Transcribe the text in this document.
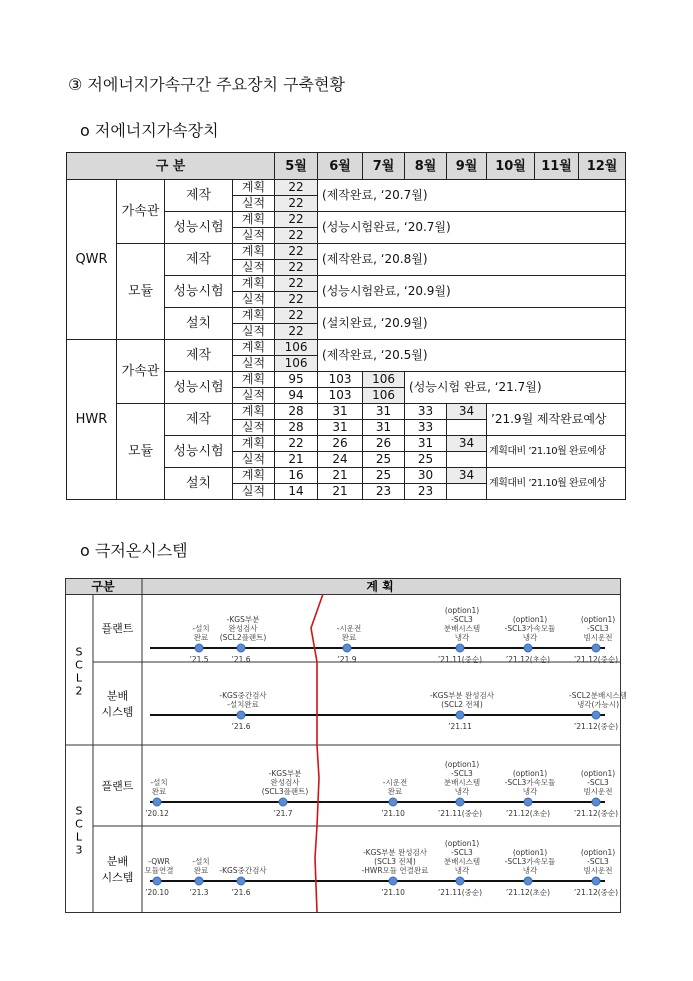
③ 저에너지가속구간 주요장치 구축현황
o 저에너지가속장치
o 극저온시스템
구 분				5월	6월	7월	8월	9월	10월	11월	12월
QWR	가속관	제작	계획	22	(제작완료, ‘20.7월)						
			실적	22							
		성능시험	계획	22	(성능시험완료, ‘20.7월)						
			실적	22							
	모듈	제작	계획	22	(제작완료, ‘20.8월)						
			실적	22							
		성능시험	계획	22	(성능시험완료, ‘20.9월)						
			실적	22							
		설치	계획	22	(설치완료, ‘20.9월)						
			실적	22							
HWR	가속관	제작	계획	106	(제작완료, ‘20.5월)						
			실적	106							
		성능시험	계획	95	103	106	(성능시험 완료, ‘21.7월)				
			실적	94	103	106					
	모듈	제작	계획	28	31	31	33	34	’21.9월 제작완료예상		
			실적	28	31	31	33				
		성능시험	계획	22	26	26	31	34	계획대비 ’21.10월 완료예상		
			실적	21	24	25	25				
		설치	계획	16	21	25	30	34	계획대비 ’21.10월 완료예상		
			실적	14	21	23	23				
구분	계 획
S
C
L
2
플랜트
’21.5
-설치
완료
’21.6
-KGS부분
완성검사
(SCL2플랜트)
’21.9
-시운전
완료
’21.11(중순)
(option1)
-SCL3
분배시스템
냉각
’21.12(초순)
(option1)
-SCL3가속모듈
냉각
’21.12(중순)
(option1)
-SCL3
빔시운전
분배
시스템
’21.6
-KGS중간검사
-설치완료
’21.11
-KGS부분 완성검사
(SCL2 전체)
’21.12(중순)
-SCL2분배시스템
냉각(가능시)
S
C
L
3
플랜트
’20.12
-설치
완료
’21.7
-KGS부분
완성검사
(SCL3플랜트)
’21.10
-시운전
완료
’21.11(중순)
(option1)
-SCL3
분배시스템
냉각
’21.12(초순)
(option1)
-SCL3가속모듈
냉각
’21.12(중순)
(option1)
-SCL3
빔시운전
분배
시스템
’20.10
-QWR
모듈연결
’21.3
-설치
완료
’21.6
-KGS중간검사
’21.10
-KGS부분 완성검사
(SCL3 전체)
-HWR모듈 연결완료
’21.11(중순)
(option1)
-SCL3
분배시스템
냉각
’21.12(초순)
(option1)
-SCL3가속모듈
냉각
’21.12(중순)
(option1)
-SCL3
빔시운전
